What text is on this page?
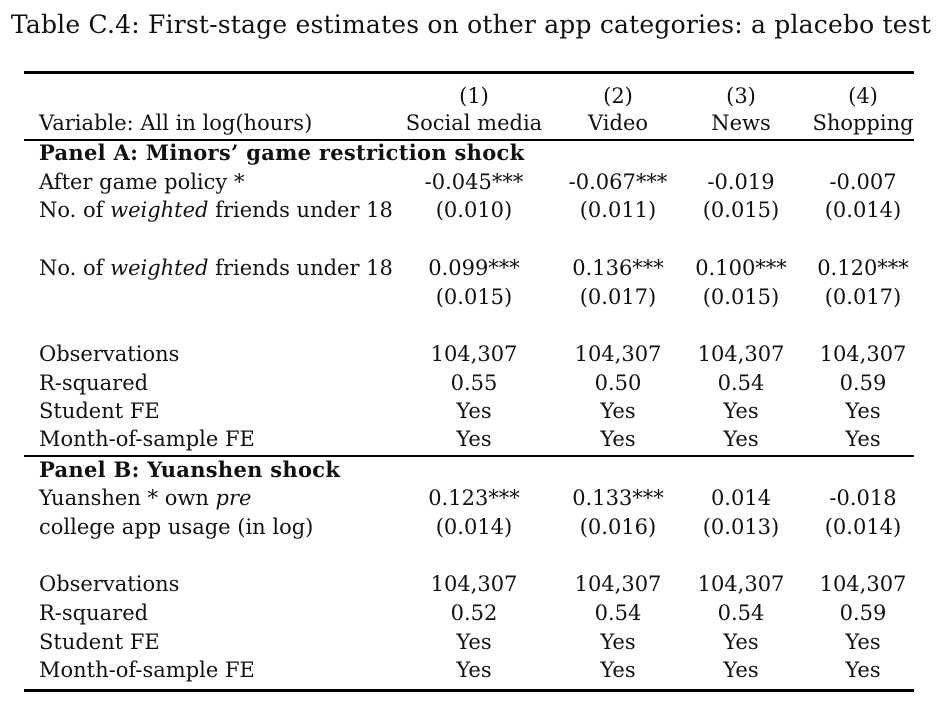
Table C.4: First-stage estimates on other app categories: a placebo test
(1)	(2)	(3)	(4)
Variable: All in log(hours)	Social media	Video	News	Shopping
Panel A: Minors’ game restriction shock
After game policy *	-0.045***	-0.067***	-0.019	-0.007
No. of weighted friends under 18	(0.010)	(0.011)	(0.015)	(0.014)
No. of weighted friends under 18	0.099***	0.136***	0.100***	0.120***
(0.015)	(0.017)	(0.015)	(0.017)
Observations	104,307	104,307	104,307	104,307
R-squared	0.55	0.50	0.54	0.59
Student FE	Yes	Yes	Yes	Yes
Month-of-sample FE	Yes	Yes	Yes	Yes
Panel B: Yuanshen shock
Yuanshen * own pre	0.123***	0.133***	0.014	-0.018
college app usage (in log)	(0.014)	(0.016)	(0.013)	(0.014)
Observations	104,307	104,307	104,307	104,307
R-squared	0.52	0.54	0.54	0.59
Student FE	Yes	Yes	Yes	Yes
Month-of-sample FE	Yes	Yes	Yes	Yes
